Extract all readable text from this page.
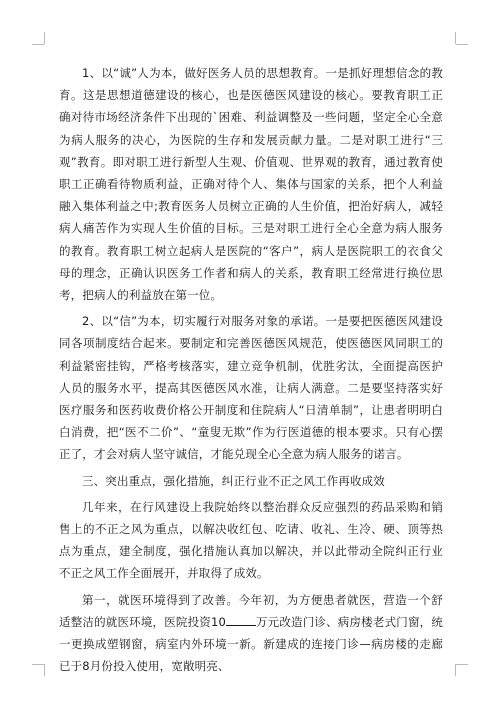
1、以“诚”人为本，做好医务人员的思想教育。一是抓好理想信念的教育。这是思想道德建设的核心，也是医德医风建设的核心。要教育职工正确对待市场经济条件下出现的`困难、利益调整及一些问题，坚定全心全意为病人服务的决心，为医院的生存和发展贡献力量。二是对职工进行“三观”教育。即对职工进行新型人生观、价值观、世界观的教育，通过教育使职工正确看待物质利益，正确对待个人、集体与国家的关系，把个人利益融入集体利益之中;教育医务人员树立正确的人生价值，把治好病人，减轻病人痛苦作为实现人生价值的目标。三是对职工进行全心全意为病人服务的教育。教育职工树立起病人是医院的“客户”，病人是医院职工的衣食父母的理念，正确认识医务工作者和病人的关系，教育职工经常进行换位思考，把病人的利益放在第一位。

2、以“信”为本，切实履行对服务对象的承诺。一是要把医德医风建设同各项制度结合起来。要制定和完善医德医风规范，使医德医风同职工的利益紧密挂钩，严格考核落实，建立竞争机制，优胜劣汰，全面提高医护人员的服务水平，提高其医德医风水准，让病人满意。二是要坚持落实好医疗服务和医药收费价格公开制度和住院病人“日清单制”，让患者明明白白消费，把“医不二价”、“童叟无欺”作为行医道德的根本要求。只有心摆正了，才会对病人坚守诚信，才能兑现全心全意为病人服务的诺言。

三、突出重点，强化措施，纠正行业不正之风工作再收成效

几年来，在行风建设上我院始终以整治群众反应强烈的药品采购和销售上的不正之风为重点，以解决收红包、吃请、收礼、生冷、硬、顶等热点为重点，建全制度，强化措施认真加以解决，并以此带动全院纠正行业不正之风工作全面展开，并取得了成效。

第一，就医环境得到了改善。今年初，为方便患者就医，营造一个舒适整洁的就医环境，医院投资10	万元改造门诊、病房楼老式门窗，统一更换成塑钢窗，病室内外环境一新。新建成的连接门诊—病房楼的走廊已于8月份投入使用，宽敞明亮、
